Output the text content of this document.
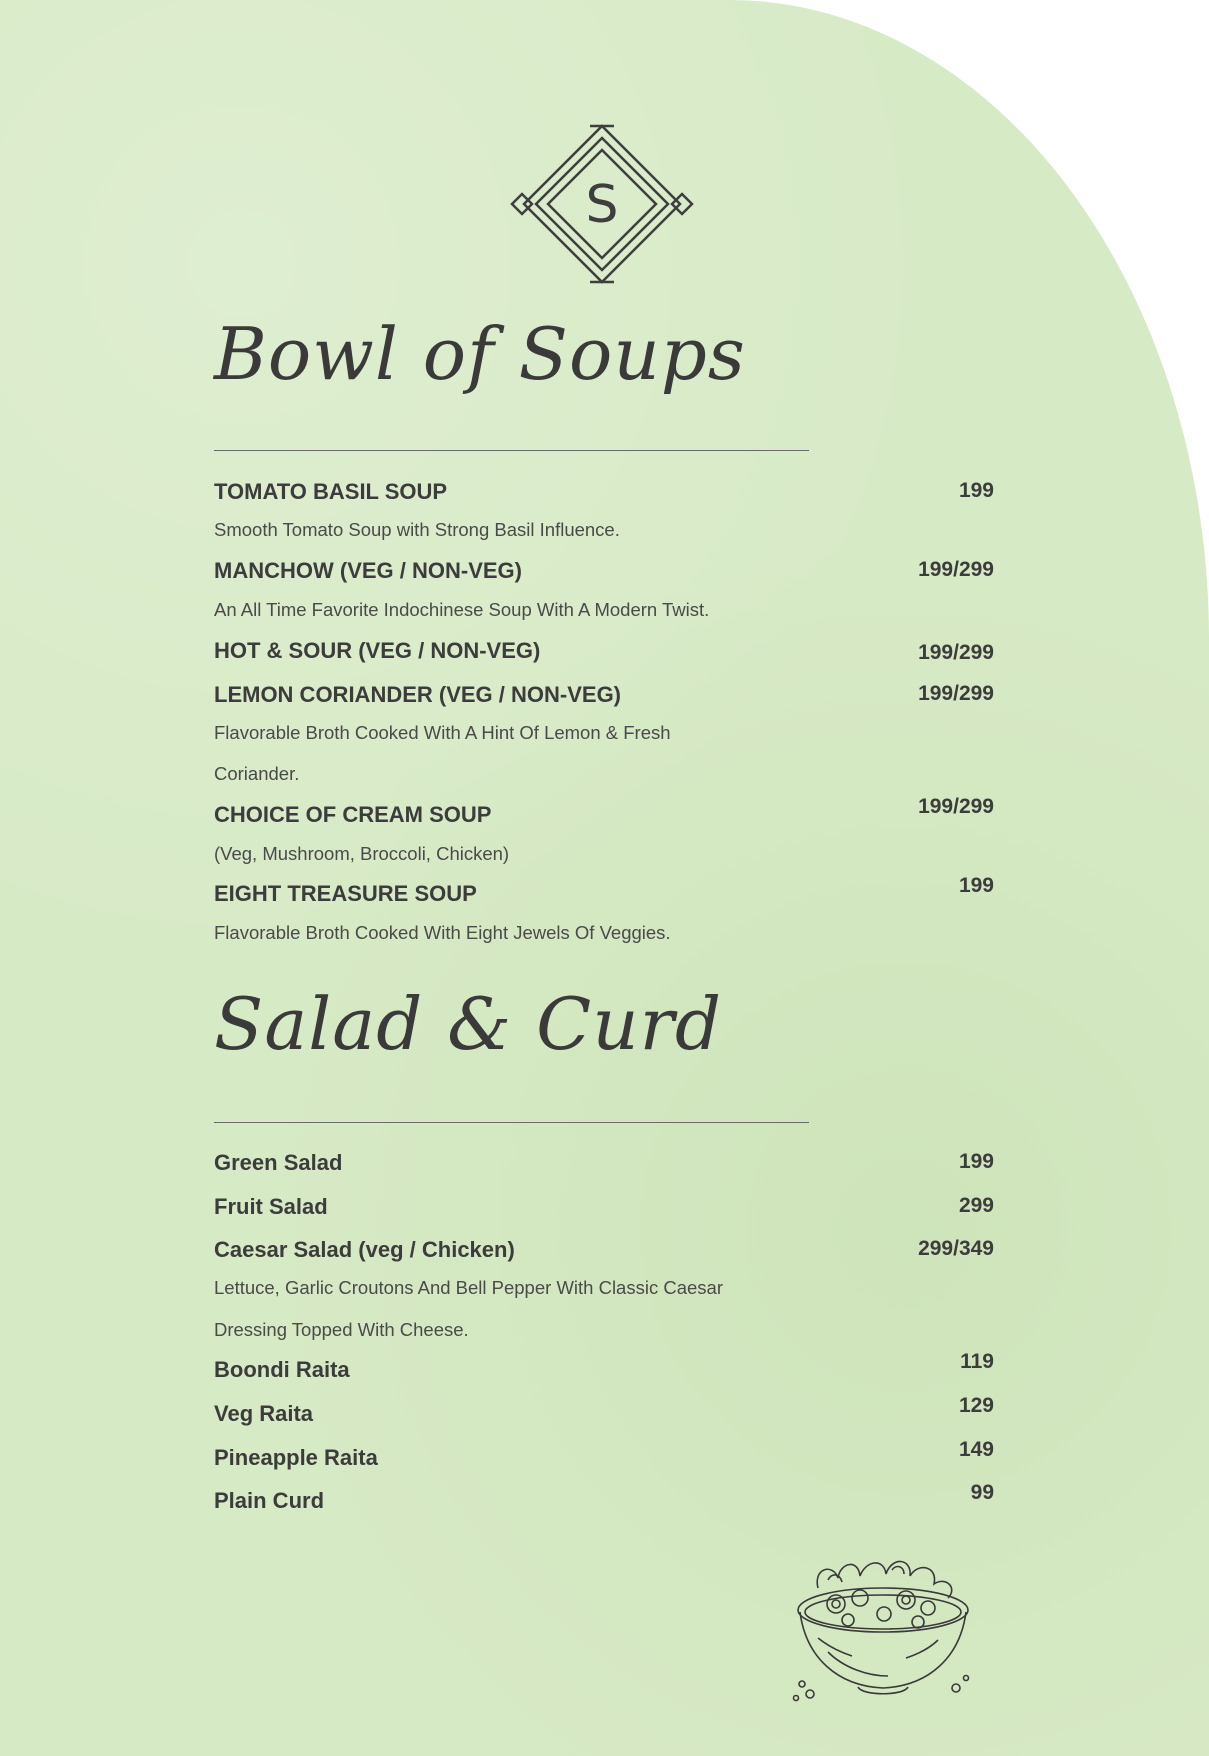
S
Bowl of Soups
TOMATO BASIL SOUP	199
Smooth Tomato Soup with Strong Basil Influence.
MANCHOW (VEG / NON-VEG)	199/299
An All Time Favorite Indochinese Soup With A Modern Twist.
HOT & SOUR (VEG / NON-VEG)	199/299
LEMON CORIANDER (VEG / NON-VEG)	199/299
Flavorable Broth Cooked With A Hint Of Lemon & Fresh
Coriander.
CHOICE OF CREAM SOUP	199/299
(Veg, Mushroom, Broccoli, Chicken)
EIGHT TREASURE SOUP	199
Flavorable Broth Cooked With Eight Jewels Of Veggies.
Salad & Curd
Green Salad	199
Fruit Salad	299
Caesar Salad (veg / Chicken)	299/349
Lettuce, Garlic Croutons And Bell Pepper With Classic Caesar
Dressing Topped With Cheese.
Boondi Raita	119
Veg Raita	129
Pineapple Raita	149
Plain Curd	99
